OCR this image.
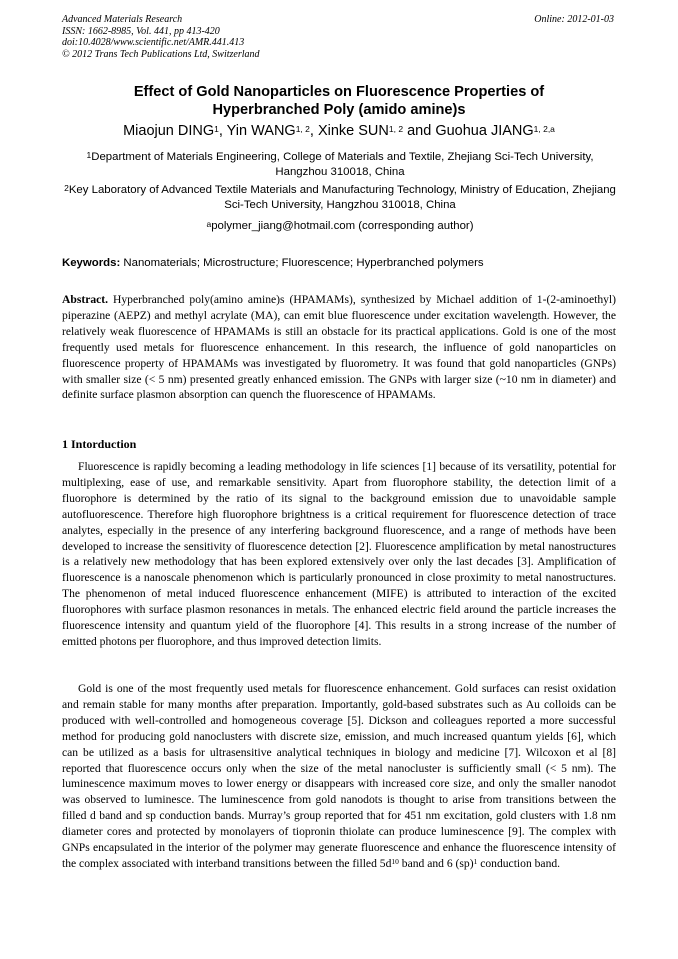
Advanced Materials Research
ISSN: 1662-8985, Vol. 441, pp 413-420
doi:10.4028/www.scientific.net/AMR.441.413
© 2012 Trans Tech Publications Ltd, Switzerland
Online: 2012-01-03
Effect of Gold Nanoparticles on Fluorescence Properties of
Hyperbranched Poly (amido amine)s
Miaojun DING$^1$, Yin WANG$^{1, 2}$, Xinke SUN$^{1, 2}$ and Guohua JIANG$^{1, 2,a}$
$^1$Department of Materials Engineering, College of Materials and Textile, Zhejiang Sci-Tech University, Hangzhou 310018, China
$^2$Key Laboratory of Advanced Textile Materials and Manufacturing Technology, Ministry of Education, Zhejiang Sci-Tech University, Hangzhou 310018, China
$^a$polymer_jiang@hotmail.com (corresponding author)
Keywords: Nanomaterials; Microstructure; Fluorescence; Hyperbranched polymers
Abstract. Hyperbranched poly(amino amine)s (HPAMAMs), synthesized by Michael addition of 1-(2-aminoethyl) piperazine (AEPZ) and methyl acrylate (MA), can emit blue fluorescence under excitation wavelength. However, the relatively weak fluorescence of HPAMAMs is still an obstacle for its practical applications. Gold is one of the most frequently used metals for fluorescence enhancement. In this research, the influence of gold nanoparticles on fluorescence property of HPAMAMs was investigated by fluorometry. It was found that gold nanoparticles (GNPs) with smaller size (< 5 nm) presented greatly enhanced emission. The GNPs with larger size (~10 nm in diameter) and definite surface plasmon absorption can quench the fluorescence of HPAMAMs.
1 Intorduction
Fluorescence is rapidly becoming a leading methodology in life sciences [1] because of its versatility, potential for multiplexing, ease of use, and remarkable sensitivity. Apart from fluorophore stability, the detection limit of a fluorophore is determined by the ratio of its signal to the background emission due to unavoidable sample autofluorescence. Therefore high fluorophore brightness is a critical requirement for fluorescence detection of trace analytes, especially in the presence of any interfering background fluorescence, and a range of methods have been developed to increase the sensitivity of fluorescence detection [2]. Fluorescence amplification by metal nanostructures is a relatively new methodology that has been explored extensively over only the last decades [3]. Amplification of fluorescence is a nanoscale phenomenon which is particularly pronounced in close proximity to metal nanostructures. The phenomenon of metal induced fluorescence enhancement (MIFE) is attributed to interaction of the excited fluorophores with surface plasmon resonances in metals. The enhanced electric field around the particle increases the fluorescence intensity and quantum yield of the fluorophore [4]. This results in a strong increase of the number of emitted photons per fluorophore, and thus improved detection limits.
Gold is one of the most frequently used metals for fluorescence enhancement. Gold surfaces can resist oxidation and remain stable for many months after preparation. Importantly, gold-based substrates such as Au colloids can be produced with well-controlled and homogeneous coverage [5]. Dickson and colleagues reported a more successful method for producing gold nanoclusters with discrete size, emission, and much increased quantum yields [6], which can be utilized as a basis for ultrasensitive analytical techniques in biology and medicine [7]. Wilcoxon et al [8] reported that fluorescence occurs only when the size of the metal nanocluster is sufficiently small (< 5 nm). The luminescence maximum moves to lower energy or disappears with increased core size, and only the smaller nanodot was observed to luminesce. The luminescence from gold nanodots is thought to arise from transitions between the filled d band and sp conduction bands. Murray’s group reported that for 451 nm excitation, gold clusters with 1.8 nm diameter cores and protected by monolayers of tiopronin thiolate can produce luminescence [9]. The complex with GNPs encapsulated in the interior of the polymer may generate fluorescence and enhance the fluorescence intensity of the complex associated with interband transitions between the filled $5d^{10}$ band and 6 (sp)$^1$ conduction band.
